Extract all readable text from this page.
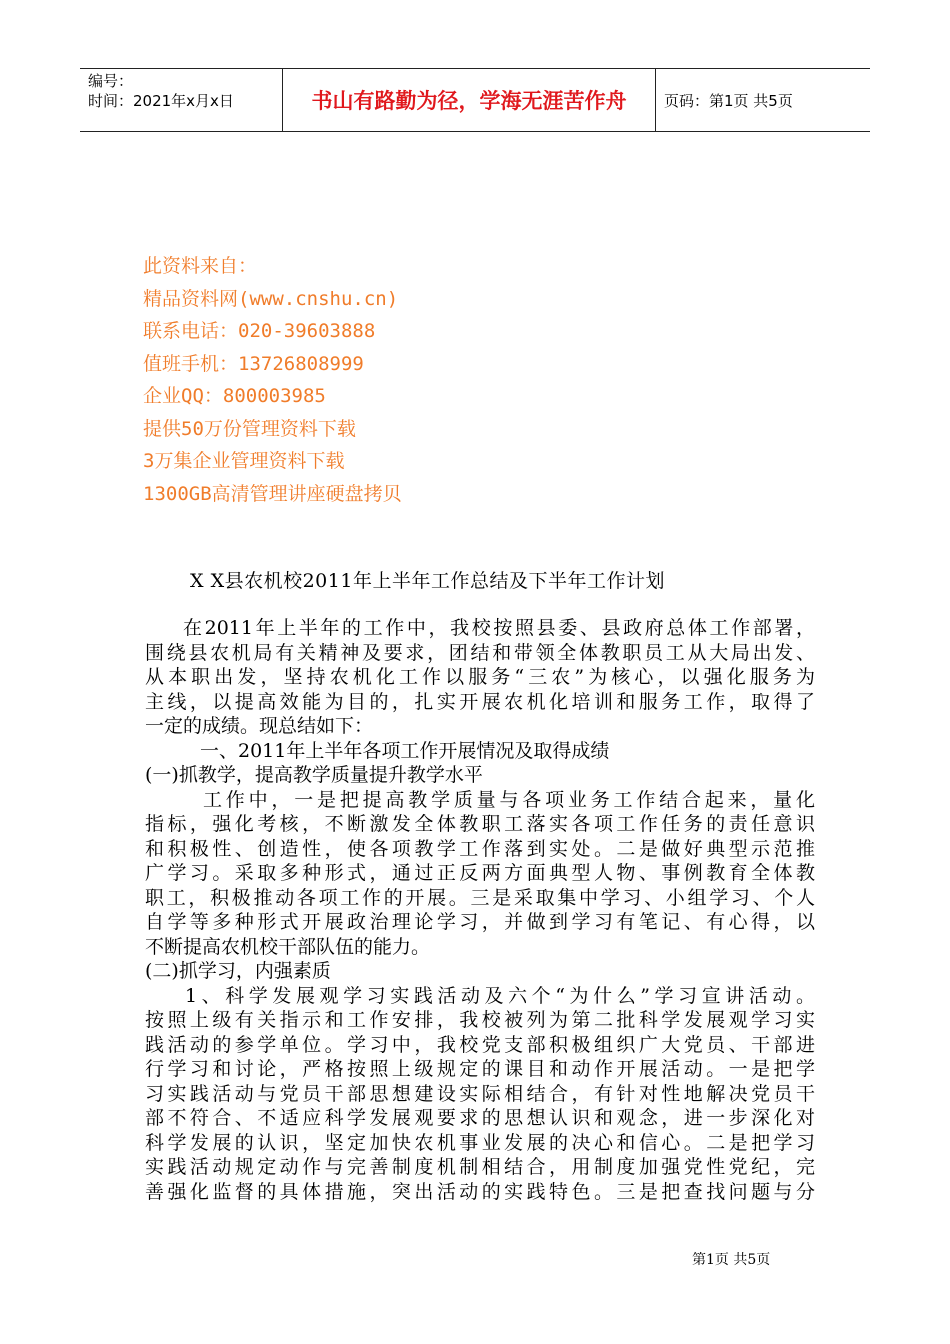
编号：
时间：2021年x月x日	书山有路勤为径，学海无涯苦作舟	页码：第1页 共5页
此资料来自：
精品资料网(www.cnshu.cn)
联系电话：020-39603888
值班手机：13726808999
企业QQ：800003985
提供50万份管理资料下载
3万集企业管理资料下载
1300GB高清管理讲座硬盘拷贝
X X县农机校2011年上半年工作总结及下半年工作计划
在2011年上半年的工作中，我校按照县委、县政府总体工作部署，
围绕县农机局有关精神及要求，团结和带领全体教职员工从大局出发、
从本职出发，坚持农机化工作以服务“三农”为核心，以强化服务为
主线，以提高效能为目的，扎实开展农机化培训和服务工作，取得了
一定的成绩。现总结如下：
一、2011年上半年各项工作开展情况及取得成绩
(一)抓教学，提高教学质量提升教学水平
工作中，一是把提高教学质量与各项业务工作结合起来，量化
指标，强化考核，不断激发全体教职工落实各项工作任务的责任意识
和积极性、创造性，使各项教学工作落到实处。二是做好典型示范推
广学习。采取多种形式，通过正反两方面典型人物、事例教育全体教
职工，积极推动各项工作的开展。三是采取集中学习、小组学习、个人
自学等多种形式开展政治理论学习，并做到学习有笔记、有心得，以
不断提高农机校干部队伍的能力。
(二)抓学习，内强素质
1、科学发展观学习实践活动及六个“为什么”学习宣讲活动。
按照上级有关指示和工作安排，我校被列为第二批科学发展观学习实
践活动的参学单位。学习中，我校党支部积极组织广大党员、干部进
行学习和讨论，严格按照上级规定的课目和动作开展活动。一是把学
习实践活动与党员干部思想建设实际相结合，有针对性地解决党员干
部不符合、不适应科学发展观要求的思想认识和观念，进一步深化对
科学发展的认识，坚定加快农机事业发展的决心和信心。二是把学习
实践活动规定动作与完善制度机制相结合，用制度加强党性党纪，完
善强化监督的具体措施，突出活动的实践特色。三是把查找问题与分
第1页 共5页
